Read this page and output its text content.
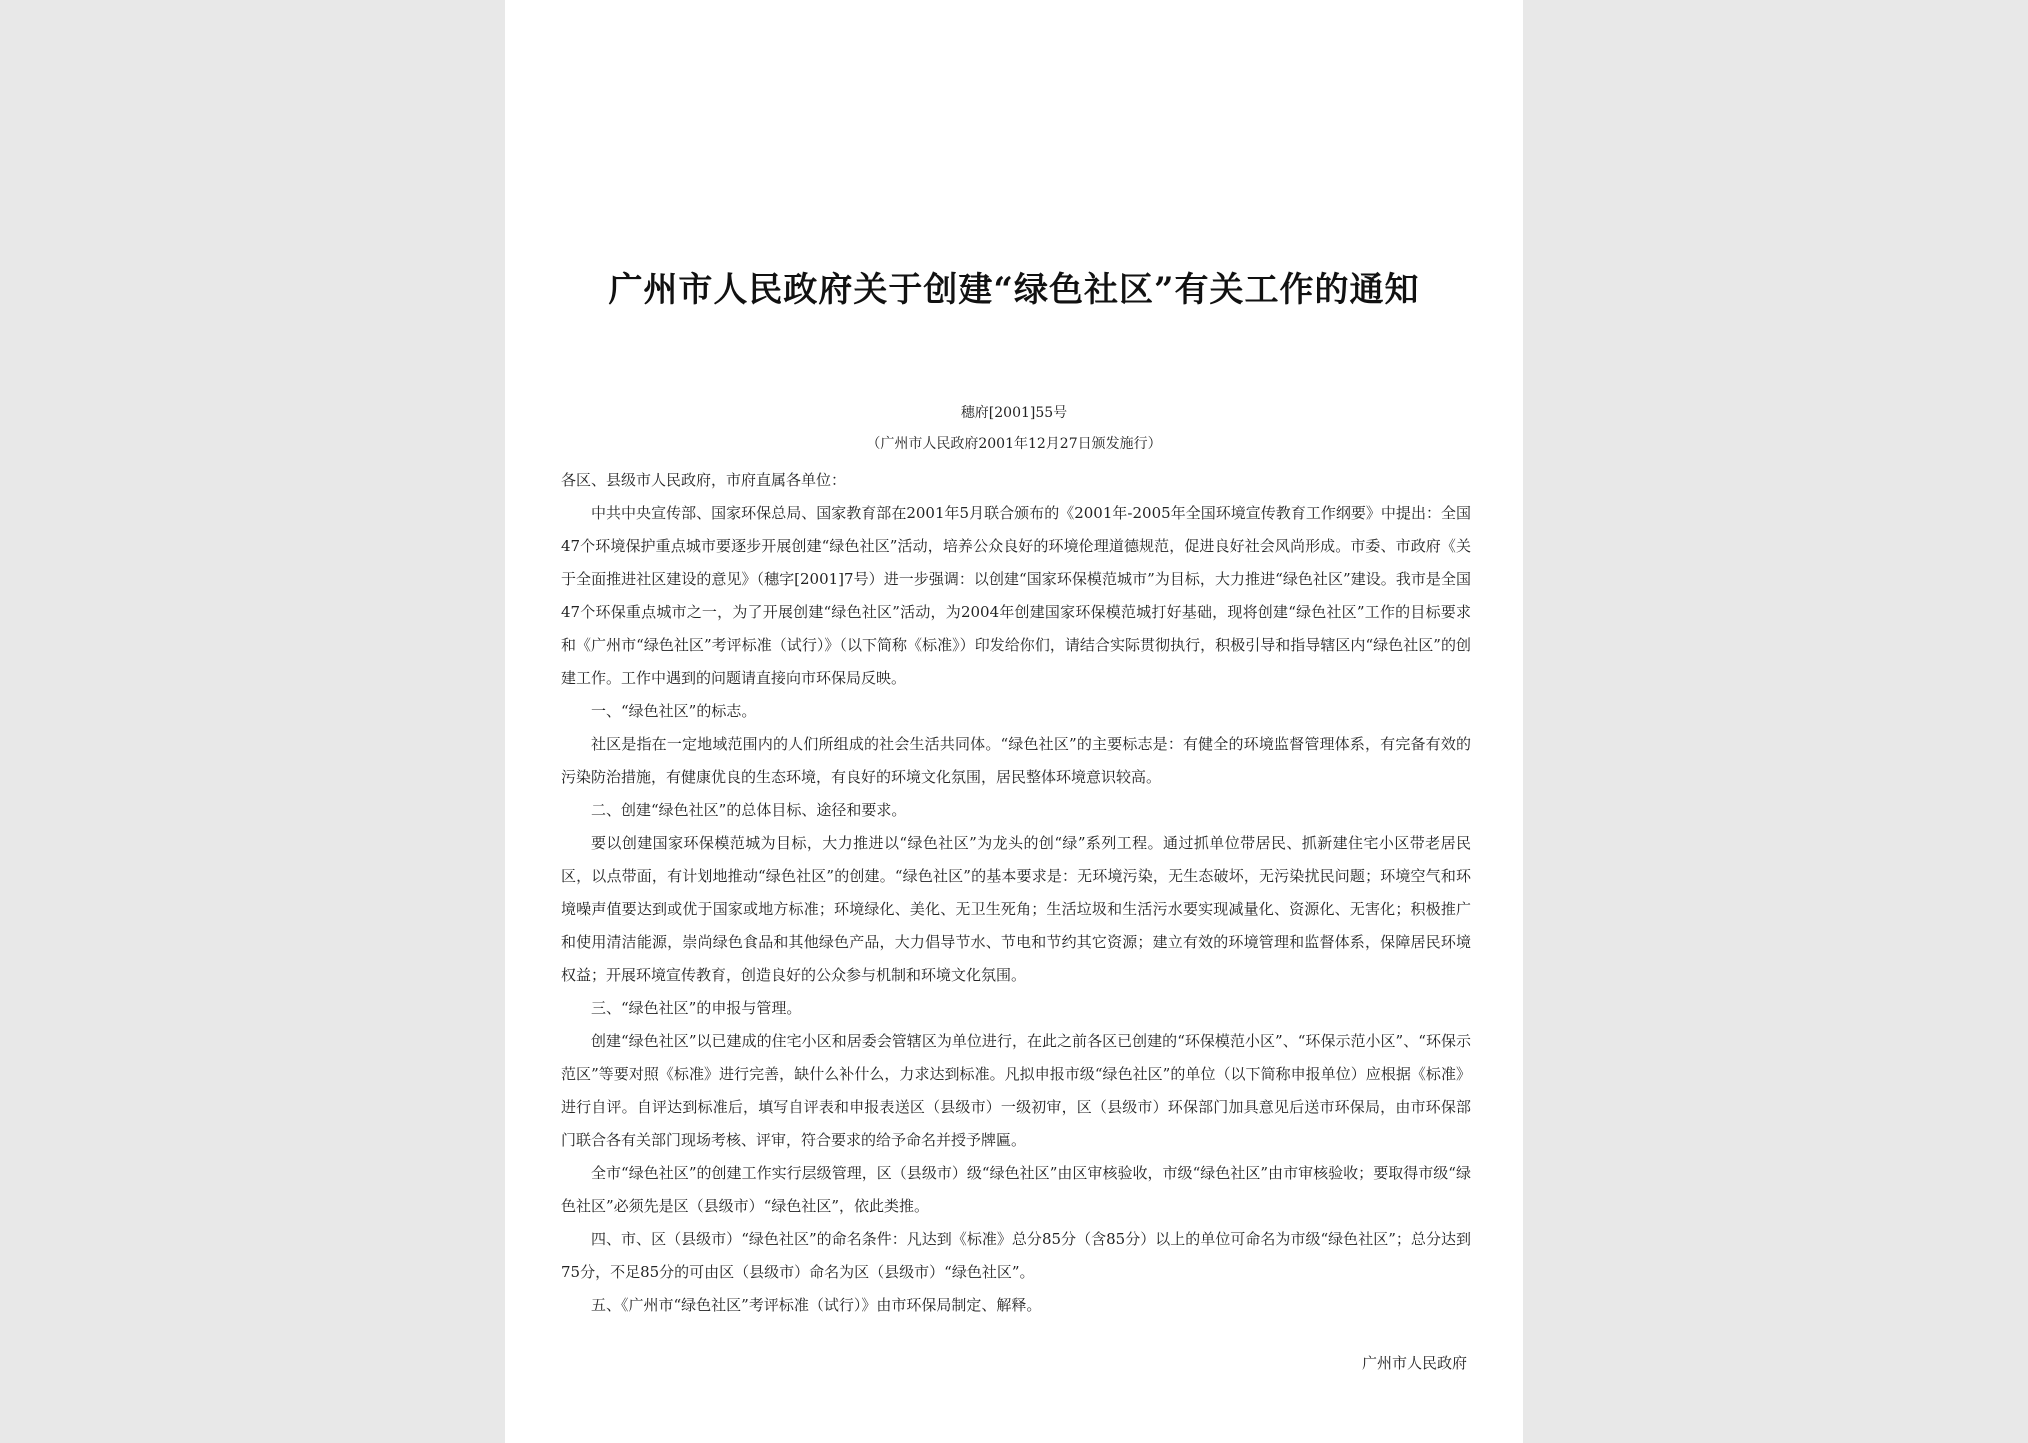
广州市人民政府关于创建“绿色社区”有关工作的通知
穗府[2001]55号
（广州市人民政府2001年12月27日颁发施行）

各区、县级市人民政府，市府直属各单位：

中共中央宣传部、国家环保总局、国家教育部在2001年5月联合颁布的《2001年-2005年全国环境宣传教育工作纲要》中提出：全国47个环境保护重点城市要逐步开展创建“绿色社区”活动，培养公众良好的环境伦理道德规范，促进良好社会风尚形成。市委、市政府《关于全面推进社区建设的意见》（穗字[2001]7号）进一步强调：以创建“国家环保模范城市”为目标，大力推进“绿色社区”建设。我市是全国47个环保重点城市之一，为了开展创建“绿色社区”活动，为2004年创建国家环保模范城打好基础，现将创建“绿色社区”工作的目标要求和《广州市“绿色社区”考评标准（试行）》（以下简称《标准》）印发给你们，请结合实际贯彻执行，积极引导和指导辖区内“绿色社区”的创建工作。工作中遇到的问题请直接向市环保局反映。

一、“绿色社区”的标志。

社区是指在一定地域范围内的人们所组成的社会生活共同体。“绿色社区”的主要标志是：有健全的环境监督管理体系，有完备有效的污染防治措施，有健康优良的生态环境，有良好的环境文化氛围，居民整体环境意识较高。

二、创建“绿色社区”的总体目标、途径和要求。

要以创建国家环保模范城为目标，大力推进以“绿色社区”为龙头的创“绿”系列工程。通过抓单位带居民、抓新建住宅小区带老居民区，以点带面，有计划地推动“绿色社区”的创建。“绿色社区”的基本要求是：无环境污染，无生态破坏，无污染扰民问题；环境空气和环境噪声值要达到或优于国家或地方标准；环境绿化、美化、无卫生死角；生活垃圾和生活污水要实现减量化、资源化、无害化；积极推广和使用清洁能源，崇尚绿色食品和其他绿色产品，大力倡导节水、节电和节约其它资源；建立有效的环境管理和监督体系，保障居民环境权益；开展环境宣传教育，创造良好的公众参与机制和环境文化氛围。

三、“绿色社区”的申报与管理。

创建“绿色社区”以已建成的住宅小区和居委会管辖区为单位进行，在此之前各区已创建的“环保模范小区”、“环保示范小区”、“环保示范区”等要对照《标准》进行完善，缺什么补什么，力求达到标准。凡拟申报市级“绿色社区”的单位（以下简称申报单位）应根据《标准》进行自评。自评达到标准后，填写自评表和申报表送区（县级市）一级初审，区（县级市）环保部门加具意见后送市环保局，由市环保部门联合各有关部门现场考核、评审，符合要求的给予命名并授予牌匾。

全市“绿色社区”的创建工作实行层级管理，区（县级市）级“绿色社区”由区审核验收，市级“绿色社区”由市审核验收；要取得市级“绿色社区”必须先是区（县级市）“绿色社区”，依此类推。

四、市、区（县级市）“绿色社区”的命名条件：凡达到《标准》总分85分（含85分）以上的单位可命名为市级“绿色社区”；总分达到75分，不足85分的可由区（县级市）命名为区（县级市）“绿色社区”。

五、《广州市“绿色社区”考评标准（试行）》由市环保局制定、解释。

广州市人民政府
